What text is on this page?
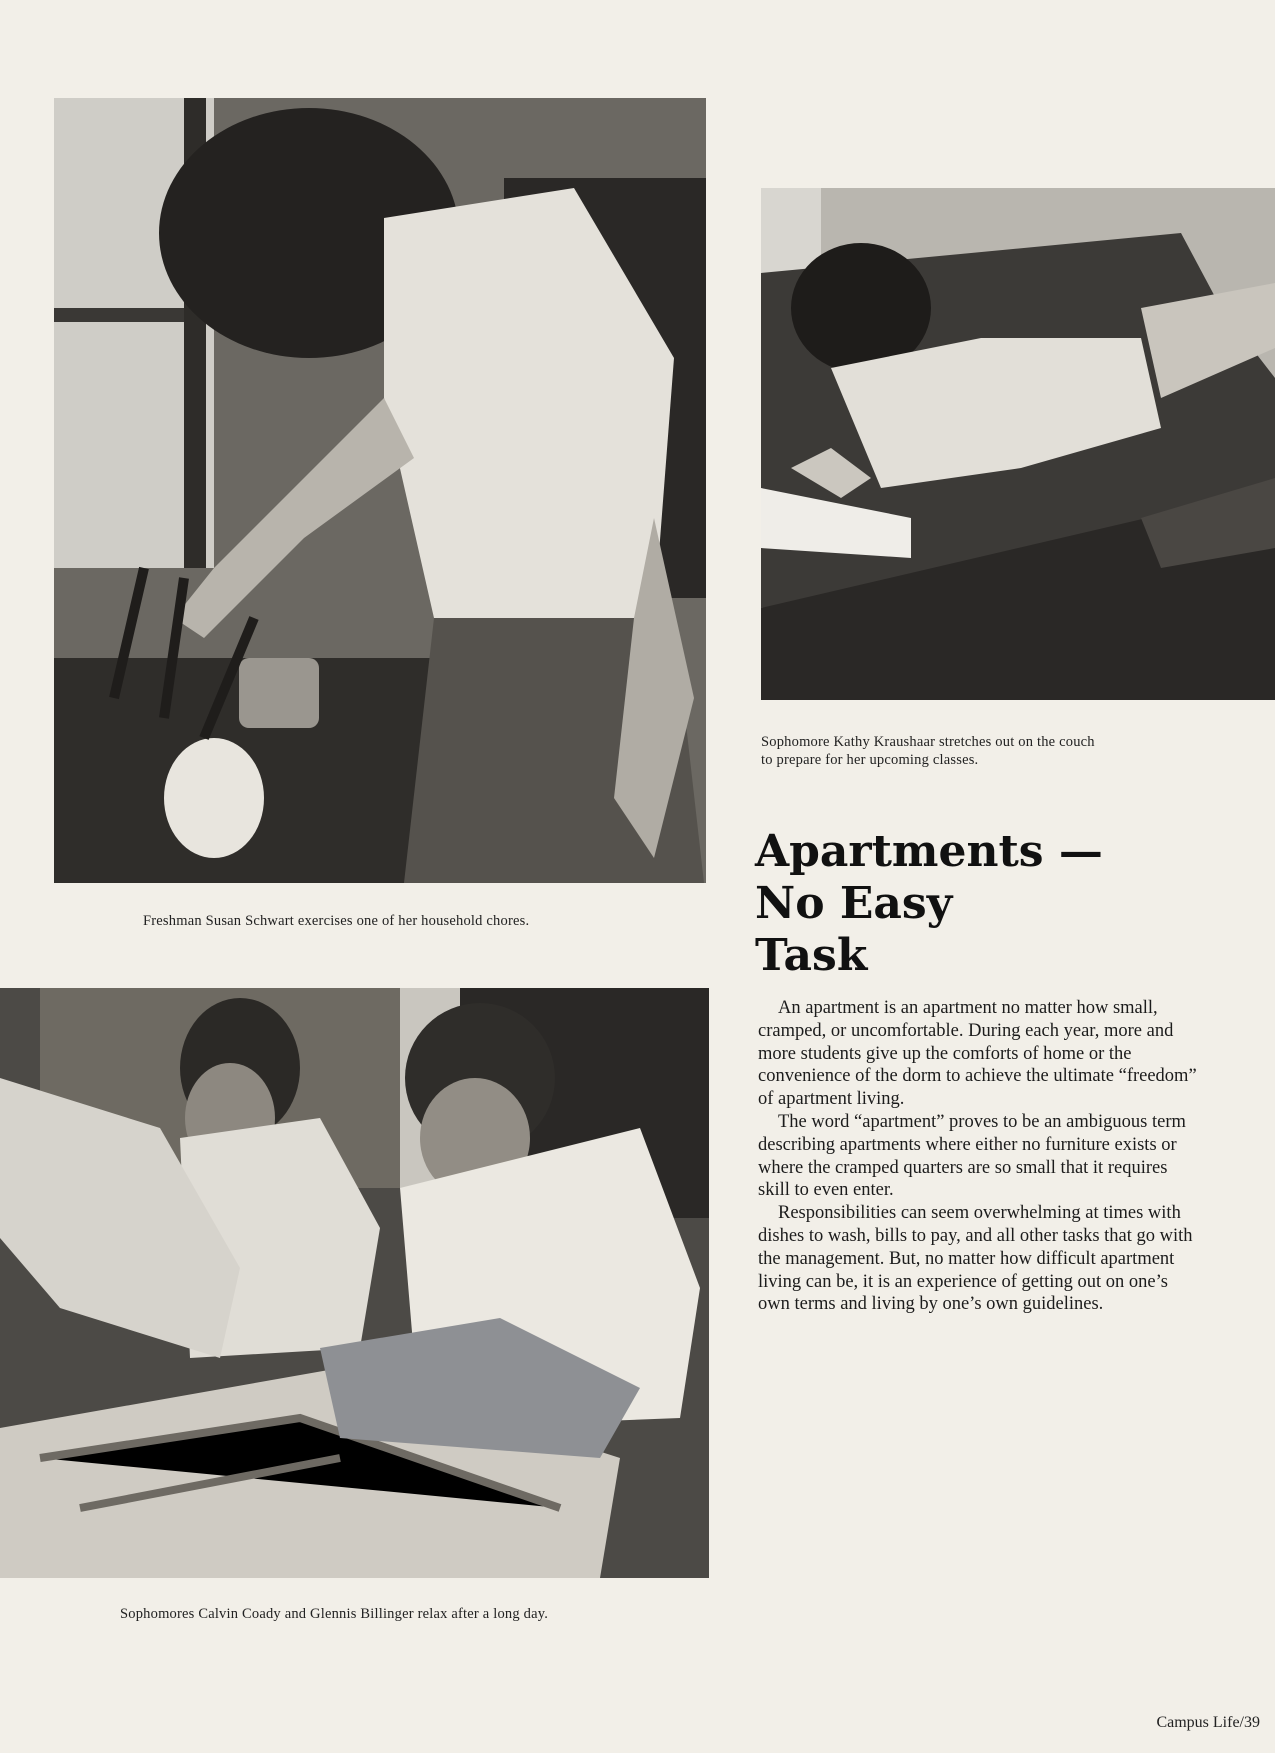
Freshman Susan Schwart exercises one of her household chores.
Sophomore Kathy Kraushaar stretches out on the couch
to prepare for her upcoming classes.
Sophomores Calvin Coady and Glennis Billinger relax after a long day.
Apartments —
No Easy
Task

An apartment is an apartment no matter how small, cramped, or uncomfortable. During each year, more and more students give up the comforts of home or the convenience of the dorm to achieve the ultimate “freedom” of apartment living.

The word “apartment” proves to be an ambiguous term describing apartments where either no furniture exists or where the cramped quarters are so small that it requires skill to even enter.

Responsibilities can seem overwhelming at times with dishes to wash, bills to pay, and all other tasks that go with the management. But, no matter how difficult apartment living can be, it is an experience of getting out on one’s own terms and living by one’s own guidelines.

Campus Life/39
